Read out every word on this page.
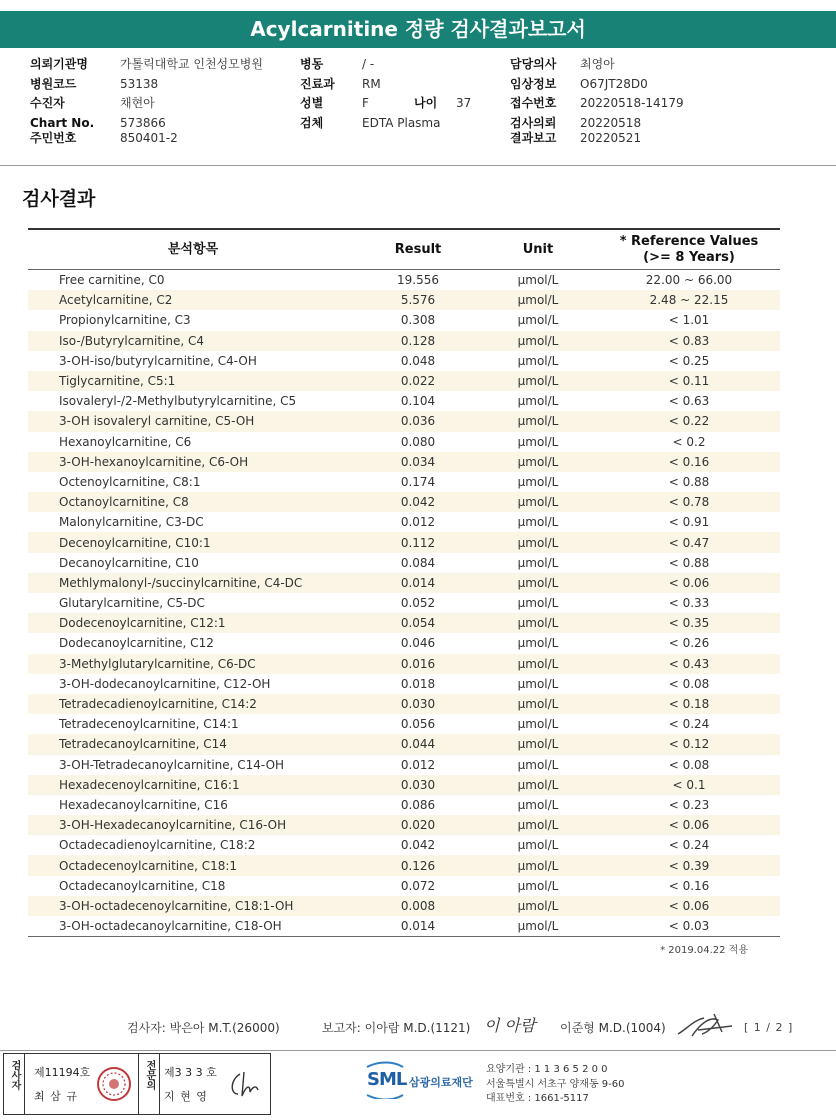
Acylcarnitine 정량 검사결과보고서
의뢰기관명	가톨릭대학교 인천성모병원
병원코드	53138
수진자	채현아
Chart No. 573866
주민번호	850401-2
병동	/ -
진료과 RM
성별	F	나이 37
검체	EDTA Plasma
담당의사 최영아
임상정보 O67JT28D0
접수번호 20220518-14179
검사의뢰 20220518
결과보고 20220521
검사결과
분석항목	Result	Unit	* Reference Values
(>= 8 Years)

Free carnitine, C0	19.556	μmol/L	22.00 ~ 66.00
Acetylcarnitine, C2	5.576	μmol/L	2.48 ~ 22.15
Propionylcarnitine, C3	0.308	μmol/L	< 1.01
Iso-/Butyrylcarnitine, C4	0.128	μmol/L	< 0.83
3-OH-iso/butyrylcarnitine, C4-OH	0.048	μmol/L	< 0.25
Tiglycarnitine, C5:1	0.022	μmol/L	< 0.11
Isovaleryl-/2-Methylbutyrylcarnitine, C5	0.104	μmol/L	< 0.63
3-OH isovaleryl carnitine, C5-OH	0.036	μmol/L	< 0.22
Hexanoylcarnitine, C6	0.080	μmol/L	< 0.2
3-OH-hexanoylcarnitine, C6-OH	0.034	μmol/L	< 0.16
Octenoylcarnitine, C8:1	0.174	μmol/L	< 0.88
Octanoylcarnitine, C8	0.042	μmol/L	< 0.78
Malonylcarnitine, C3-DC	0.012	μmol/L	< 0.91
Decenoylcarnitine, C10:1	0.112	μmol/L	< 0.47
Decanoylcarnitine, C10	0.084	μmol/L	< 0.88
Methlymalonyl-/succinylcarnitine, C4-DC	0.014	μmol/L	< 0.06
Glutarylcarnitine, C5-DC	0.052	μmol/L	< 0.33
Dodecenoylcarnitine, C12:1	0.054	μmol/L	< 0.35
Dodecanoylcarnitine, C12	0.046	μmol/L	< 0.26
3-Methylglutarylcarnitine, C6-DC	0.016	μmol/L	< 0.43
3-OH-dodecanoylcarnitine, C12-OH	0.018	μmol/L	< 0.08
Tetradecadienoylcarnitine, C14:2	0.030	μmol/L	< 0.18
Tetradecenoylcarnitine, C14:1	0.056	μmol/L	< 0.24
Tetradecanoylcarnitine, C14	0.044	μmol/L	< 0.12
3-OH-Tetradecanoylcarnitine, C14-OH	0.012	μmol/L	< 0.08
Hexadecenoylcarnitine, C16:1	0.030	μmol/L	< 0.1
Hexadecanoylcarnitine, C16	0.086	μmol/L	< 0.23
3-OH-Hexadecanoylcarnitine, C16-OH	0.020	μmol/L	< 0.06
Octadecadienoylcarnitine, C18:2	0.042	μmol/L	< 0.24
Octadecenoylcarnitine, C18:1	0.126	μmol/L	< 0.39
Octadecanoylcarnitine, C18	0.072	μmol/L	< 0.16
3-OH-octadecenoylcarnitine, C18:1-OH	0.008	μmol/L	< 0.06
3-OH-octadecanoylcarnitine, C18-OH	0.014	μmol/L	< 0.03
* 2019.04.22 적용
검사자: 박은아 M.T.(26000)	보고자: 이아람 M.D.(1121) 이 아람 이준형 M.D.(1004)	[ 1 / 2 ]
검사자	제11194호
최 삼 규
전문의 제3 3 3 호
지 현 영
SML 삼광의료재단
요양기관 : 1 1 3 6 5 2 0 0
서울특별시 서초구 양재동 9-60
대표번호 : 1661-5117
